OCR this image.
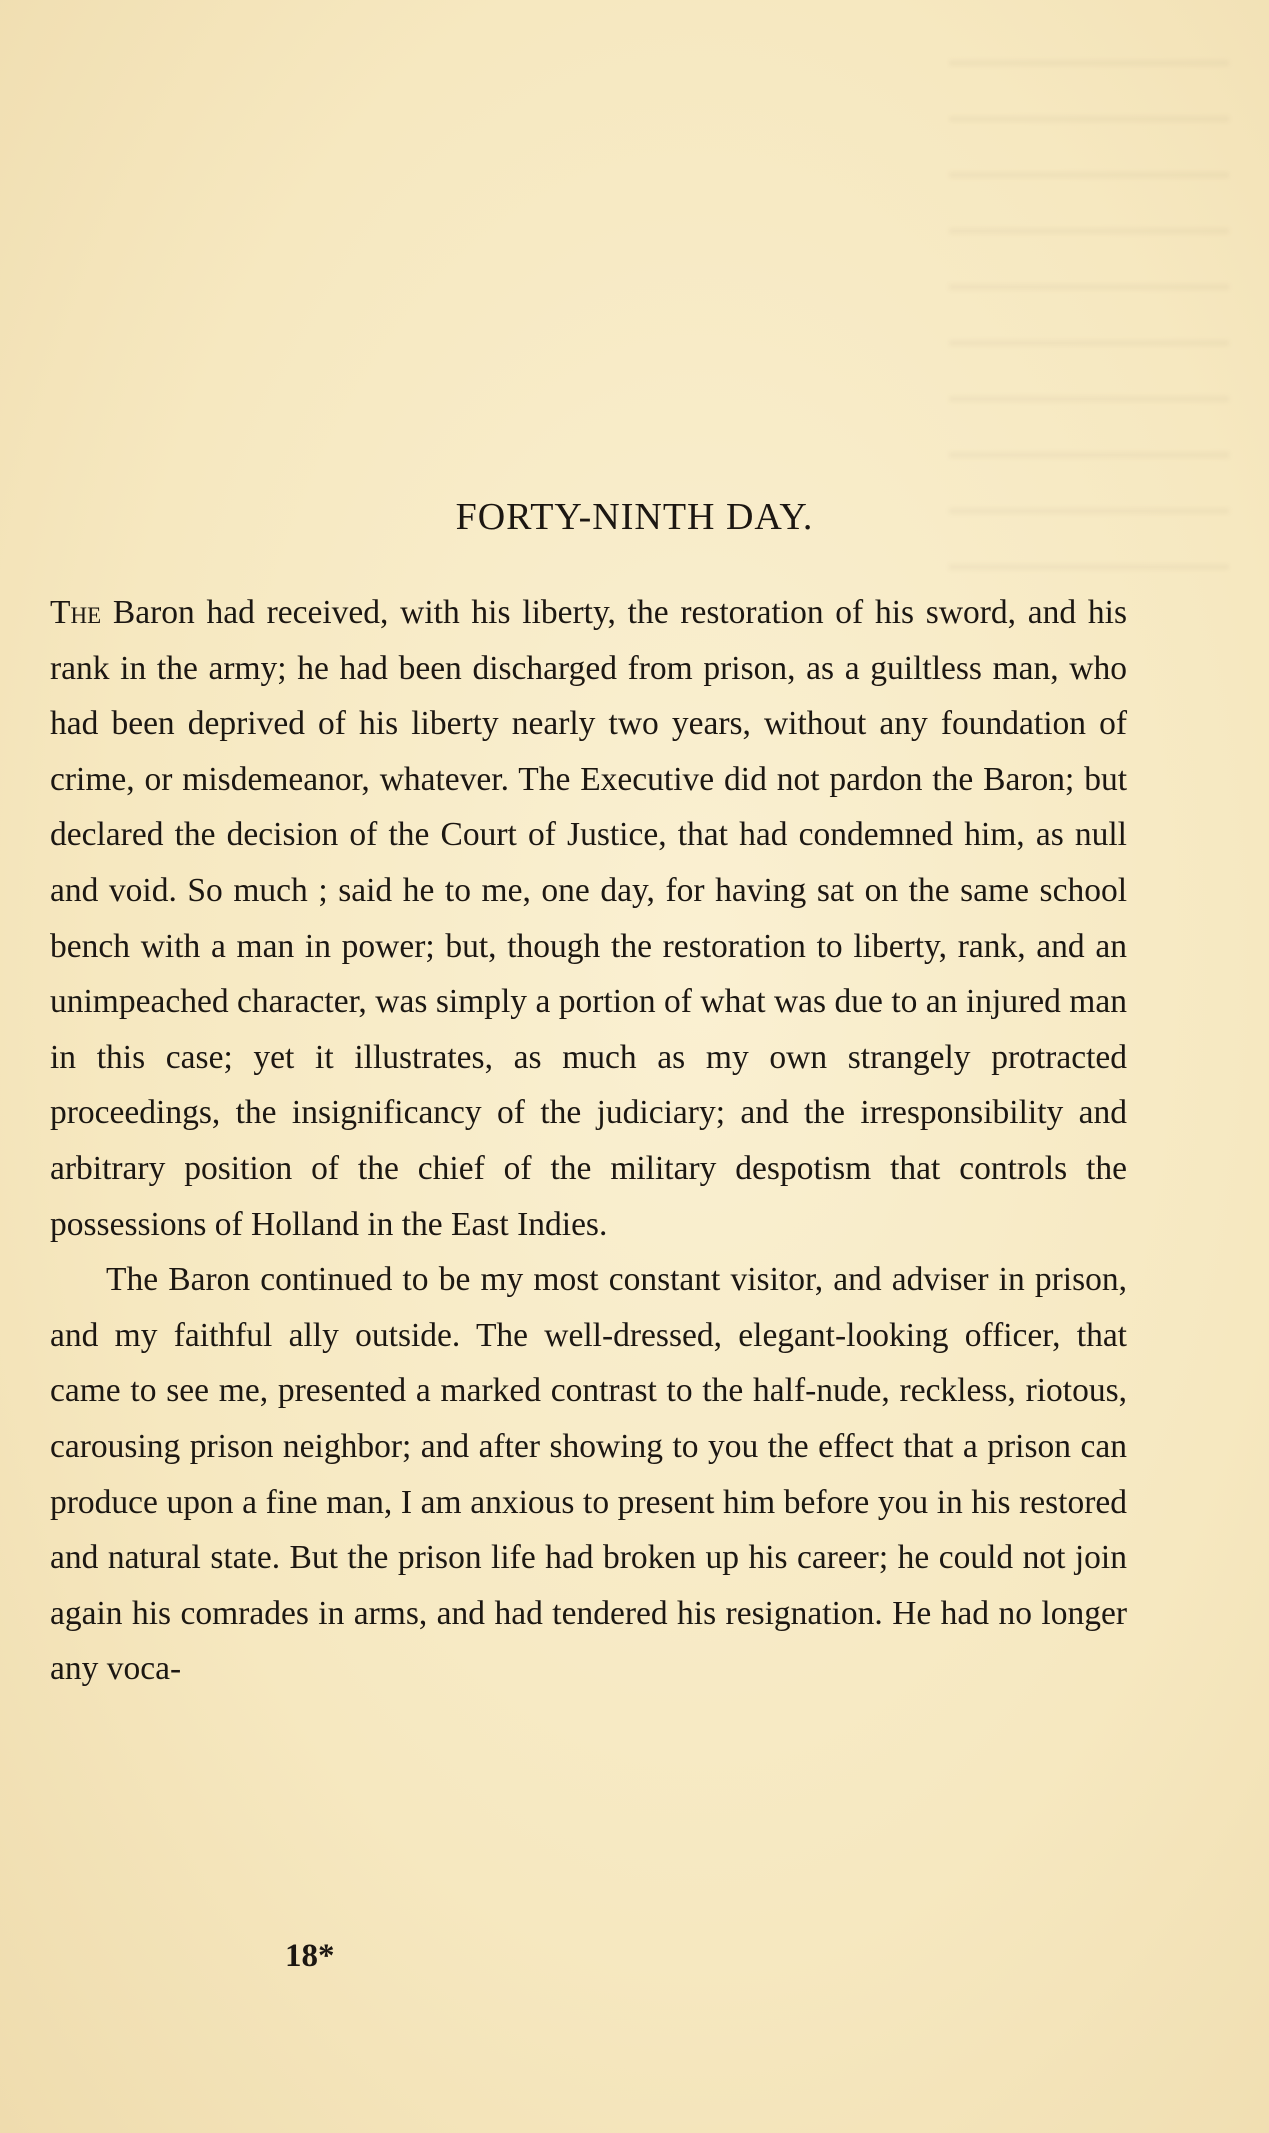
FORTY-NINTH DAY.

The Baron had received, with his liberty, the restoration of his sword, and his rank in the army; he had been discharged from prison, as a guiltless man, who had been deprived of his liberty nearly two years, without any foundation of crime, or misdemeanor, whatever. The Executive did not pardon the Baron; but declared the decision of the Court of Justice, that had condemned him, as null and void. So much ; said he to me, one day, for having sat on the same school bench with a man in power; but, though the restoration to liberty, rank, and an unimpeached character, was simply a portion of what was due to an injured man in this case; yet it illustrates, as much as my own strangely protracted proceedings, the insignificancy of the judiciary; and the irresponsibility and arbitrary position of the chief of the military despotism that controls the possessions of Holland in the East Indies.

The Baron continued to be my most constant visitor, and adviser in prison, and my faithful ally outside. The well-dressed, elegant-looking officer, that came to see me, presented a marked contrast to the half-nude, reckless, riotous, carousing prison neighbor; and after showing to you the effect that a prison can produce upon a fine man, I am anxious to present him before you in his restored and natural state. But the prison life had broken up his career; he could not join again his comrades in arms, and had tendered his resignation. He had no longer any voca-

18*
